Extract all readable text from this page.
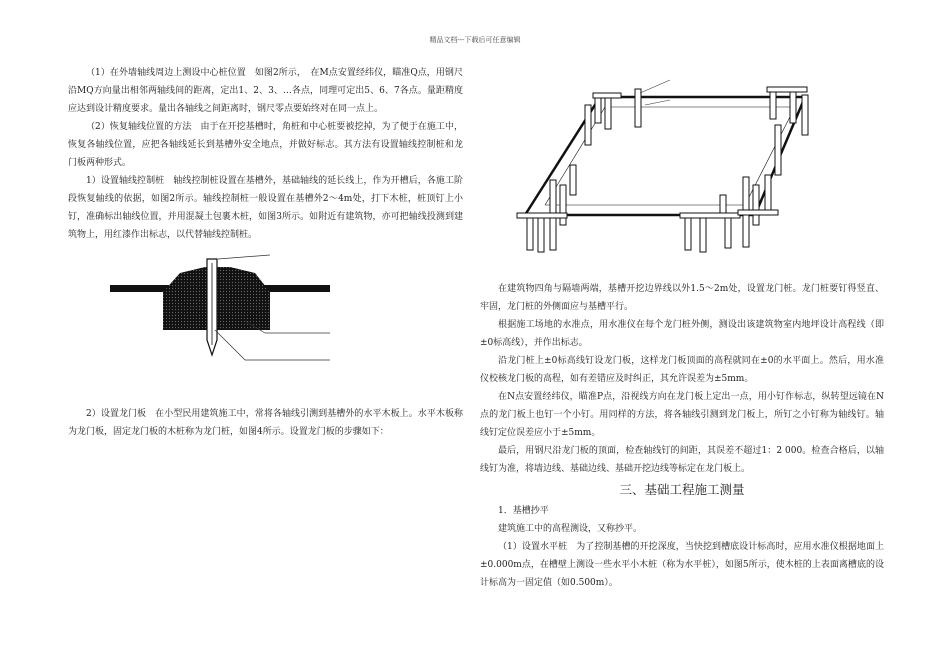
精品文档---下载后可任意编辑

（1）在外墙轴线周边上测设中心桩位置　如图2所示，　在M点安置经纬仪，瞄准Q点，用钢尺沿MQ方向量出相邻两轴线间的距离，定出1、2、3、…各点，同理可定出5、6、7各点。量距精度应达到设计精度要求。量出各轴线之间距离时，钢尺零点要始终对在同一点上。

（2）恢复轴线位置的方法　由于在开挖基槽时，角桩和中心桩要被挖掉，为了便于在施工中，恢复各轴线位置，应把各轴线延长到基槽外安全地点，并做好标志。其方法有设置轴线控制桩和龙门板两种形式。

1）设置轴线控制桩　轴线控制桩设置在基槽外，基础轴线的延长线上，作为开槽后，各施工阶段恢复轴线的依据，如图2所示。轴线控制桩一般设置在基槽外2～4m处，打下木桩，桩顶钉上小钉，准确标出轴线位置，并用混凝土包裹木桩，如图3所示。如附近有建筑物，亦可把轴线投测到建筑物上，用红漆作出标志，以代替轴线控制桩。

2）设置龙门板　在小型民用建筑施工中，常将各轴线引测到基槽外的水平木板上。水平木板称为龙门板，固定龙门板的木桩称为龙门桩，如图4所示。设置龙门板的步骤如下：

在建筑物四角与隔墙两端，基槽开挖边界线以外1.5～2m处，设置龙门桩。龙门桩要钉得竖直、牢固，龙门桩的外侧面应与基槽平行。

根据施工场地的水准点，用水准仪在每个龙门桩外侧，测设出该建筑物室内地坪设计高程线（即±0标高线），并作出标志。

沿龙门桩上±0标高线钉设龙门板，这样龙门板顶面的高程就同在±0的水平面上。然后，用水准仪校核龙门板的高程，如有差错应及时纠正，其允许误差为±5mm。

在N点安置经纬仪，瞄准P点，沿视线方向在龙门板上定出一点，用小钉作标志，纵转望远镜在N点的龙门板上也钉一个小钉。用同样的方法，将各轴线引测到龙门板上，所钉之小钉称为轴线钉。轴线钉定位误差应小于±5mm。

最后，用钢尺沿龙门板的顶面，检查轴线钉的间距，其误差不超过1：2 000。检查合格后，以轴线钉为准，将墙边线、基础边线、基础开挖边线等标定在龙门板上。

三、基础工程施工测量

1．基槽抄平

建筑施工中的高程测设，又称抄平。

（1）设置水平桩　为了控制基槽的开挖深度，当快挖到槽底设计标高时，应用水准仪根据地面上±0.000m点，在槽壁上测设一些水平小木桩（称为水平桩），如图5所示，使木桩的上表面离槽底的设计标高为一固定值（如0.500m）。
